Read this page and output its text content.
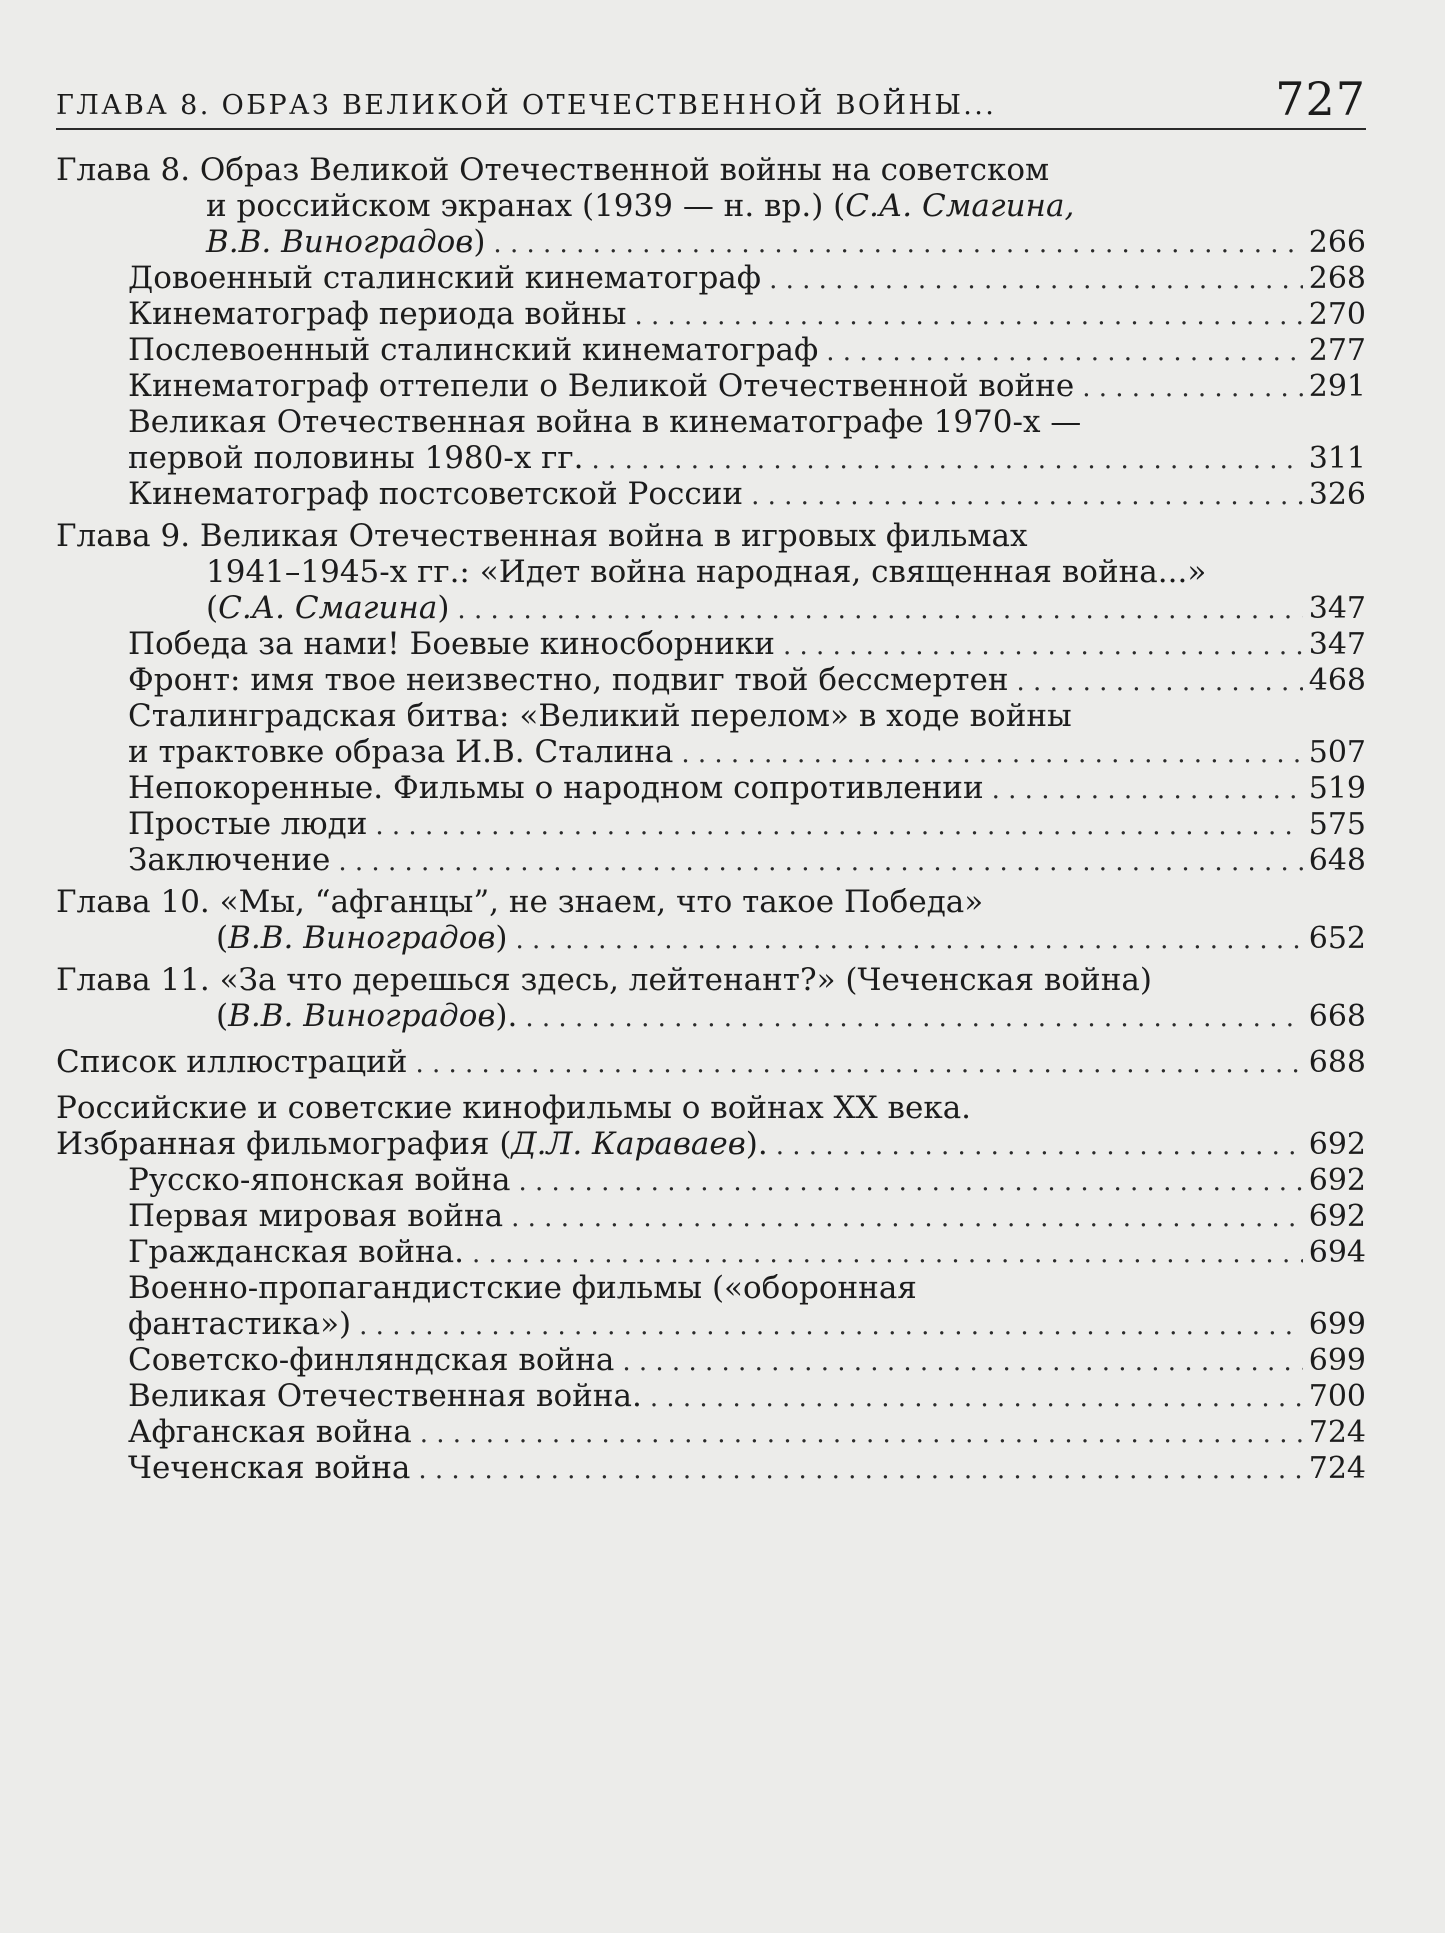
ГЛАВА 8. ОБРАЗ ВЕЛИКОЙ ОТЕЧЕСТВЕННОЙ ВОЙНЫ...	727
Глава 8. Образ Великой Отечественной войны на советском
и российском экранах (1939 — н. вр.) (С.А. Смагина,
В.В. Виноградов) . . .	266
Довоенный сталинский кинематограф . . .	268
Кинематограф периода войны . . .	270
Послевоенный сталинский кинематограф . . .	277
Кинематограф оттепели о Великой Отечественной войне . . .	291
Великая Отечественная война в кинематографе 1970-х —
первой половины 1980-х гг. . . .	311
Кинематограф постсоветской России . . .	326
Глава 9. Великая Отечественная война в игровых фильмах
1941–1945-х гг.: «Идет война народная, священная война...»
(С.А. Смагина) . . .	347
Победа за нами! Боевые киносборники . . .	347
Фронт: имя твое неизвестно, подвиг твой бессмертен . . .	468
Сталинградская битва: «Великий перелом» в ходе войны
и трактовке образа И.В. Сталина . . .	507
Непокоренные. Фильмы о народном сопротивлении . . .	519
Простые люди . . .	575
Заключение . . .	648
Глава 10. «Мы, “афганцы”, не знаем, что такое Победа»
(В.В. Виноградов) . . .	652
Глава 11. «За что дерешься здесь, лейтенант?» (Чеченская война)
(В.В. Виноградов). . . .	668
Список иллюстраций . . .	688
Российские и советские кинофильмы о войнах XX века.
Избранная фильмография (Д.Л. Караваев). . . .	692
Русско-японская война . . .	692
Первая мировая война . . .	692
Гражданская война. . . .	694
Военно-пропагандистские фильмы («оборонная
фантастика») . . .	699
Советско-финляндская война . . .	699
Великая Отечественная война. . . .	700
Афганская война . . .	724
Чеченская война . . .	724
